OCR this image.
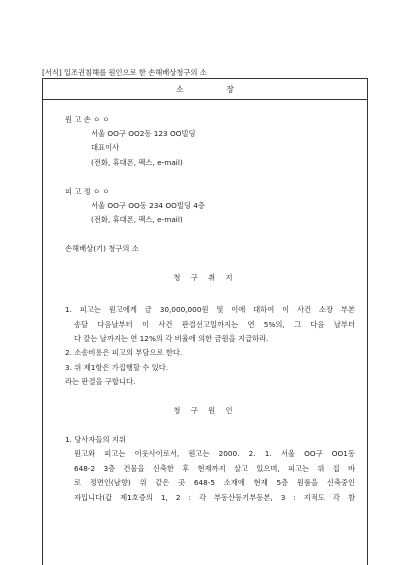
[서식] 일조권침해를 원인으로 한 손해배상청구의 소
소 장
원 고 손 ㅇ ㅇ
서울 OO구 OO2동 123 OO빌딩
대표이사
(전화, 휴대폰, 팩스, e-mail)
피 고 정 ㅇ ㅇ
서울 OO구 OO동 234 OO빌딩 4층
(전화, 휴대폰, 팩스, e-mail)
손해배상(기) 청구의 소
청 구 취 지
1. 피고는 원고에게 금 30,000,000원 및 이에 대하여 이 사건 소장 부본
송달 다음날부터 이 사건 판결선고일까지는 연 5%의, 그 다음 날부터
다 갚는 날까지는 연 12%의 각 비율에 의한 금원을 지급하라.
2. 소송비용은 피고의 부담으로 한다.
3. 위 제1항은 가집행할 수 있다.
라는 판결을 구합니다.
청 구 원 인
1. 당사자들의 지위
원고와 피고는 이웃사이로서, 원고는 2000. 2. 1. 서울 OO구 OO1동
648-2 3층 건물을 신축한 후 현재까지 살고 있으며, 피고는 위 집 바
로 정면인(남향) 위 같은 곳 648-5 소재에 현재 5층 원룸을 신축중인
자입니다(갑 제1호증의 1, 2 : 각 부동산등기부등본, 3 : 지적도 각 참
